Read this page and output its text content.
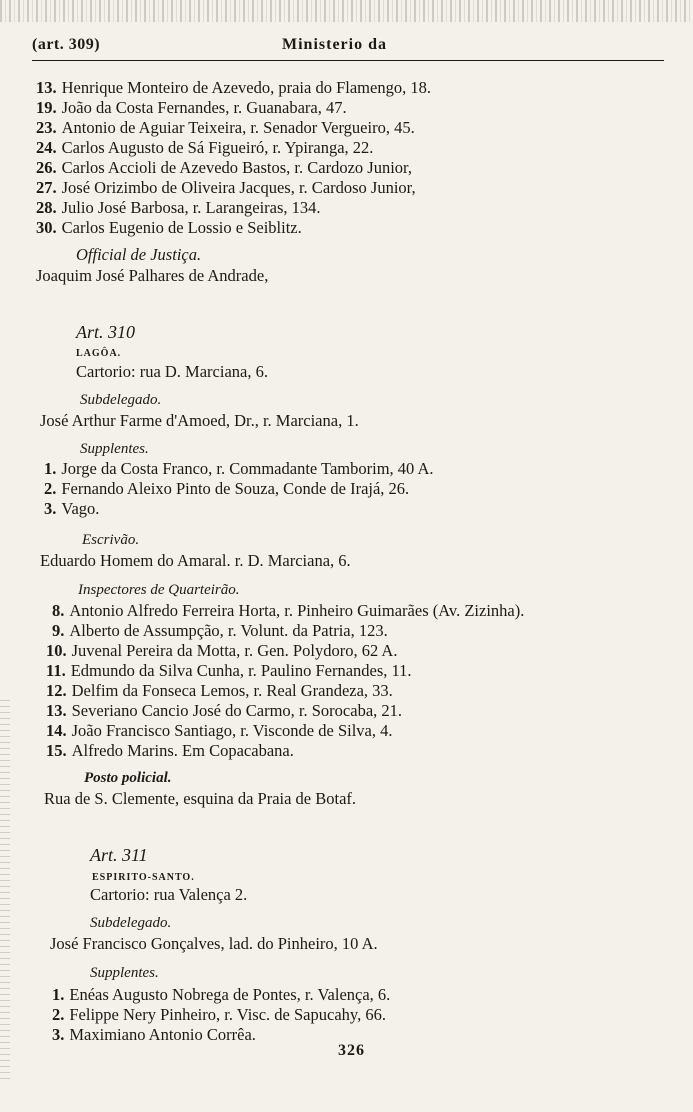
(art. 309)	Ministerio da
13. Henrique Monteiro de Azevedo, praia do Flamengo, 18.
19. João da Costa Fernandes, r. Guanabara, 47.
23. Antonio de Aguiar Teixeira, r. Senador Vergueiro, 45.
24. Carlos Augusto de Sá Figueiró, r. Ypiranga, 22.
26. Carlos Accioli de Azevedo Bastos, r. Cardozo Junior,
27. José Orizimbo de Oliveira Jacques, r. Cardoso Junior,
28. Julio José Barbosa, r. Larangeiras, 134.
30. Carlos Eugenio de Lossio e Seiblitz.
Official de Justiça.
Joaquim José Palhares de Andrade,
Art. 310
LAGÔA.
Cartorio: rua D. Marciana, 6.
Subdelegado.
José Arthur Farme d'Amoed, Dr., r. Marciana, 1.
Supplentes.
1. Jorge da Costa Franco, r. Commadante Tamborim, 40 A.
2. Fernando Aleixo Pinto de Souza, Conde de Irajá, 26.
3. Vago.
Escrivão.
Eduardo Homem do Amaral. r. D. Marciana, 6.
Inspectores de Quarteirão.
8. Antonio Alfredo Ferreira Horta, r. Pinheiro Guimarães (Av. Zizinha).
9. Alberto de Assumpção, r. Volunt. da Patria, 123.
10. Juvenal Pereira da Motta, r. Gen. Polydoro, 62 A.
11. Edmundo da Silva Cunha, r. Paulino Fernandes, 11.
12. Delfim da Fonseca Lemos, r. Real Grandeza, 33.
13. Severiano Cancio José do Carmo, r. Sorocaba, 21.
14. João Francisco Santiago, r. Visconde de Silva, 4.
15. Alfredo Marins. Em Copacabana.
Posto policial.
Rua de S. Clemente, esquina da Praia de Botaf.
Art. 311
ESPIRITO-SANTO.
Cartorio: rua Valença 2.
Subdelegado.
José Francisco Gonçalves, lad. do Pinheiro, 10 A.
Supplentes.
1. Enéas Augusto Nobrega de Pontes, r. Valença, 6.
2. Felippe Nery Pinheiro, r. Visc. de Sapucahy, 66.
3. Maximiano Antonio Corrêa.
326
